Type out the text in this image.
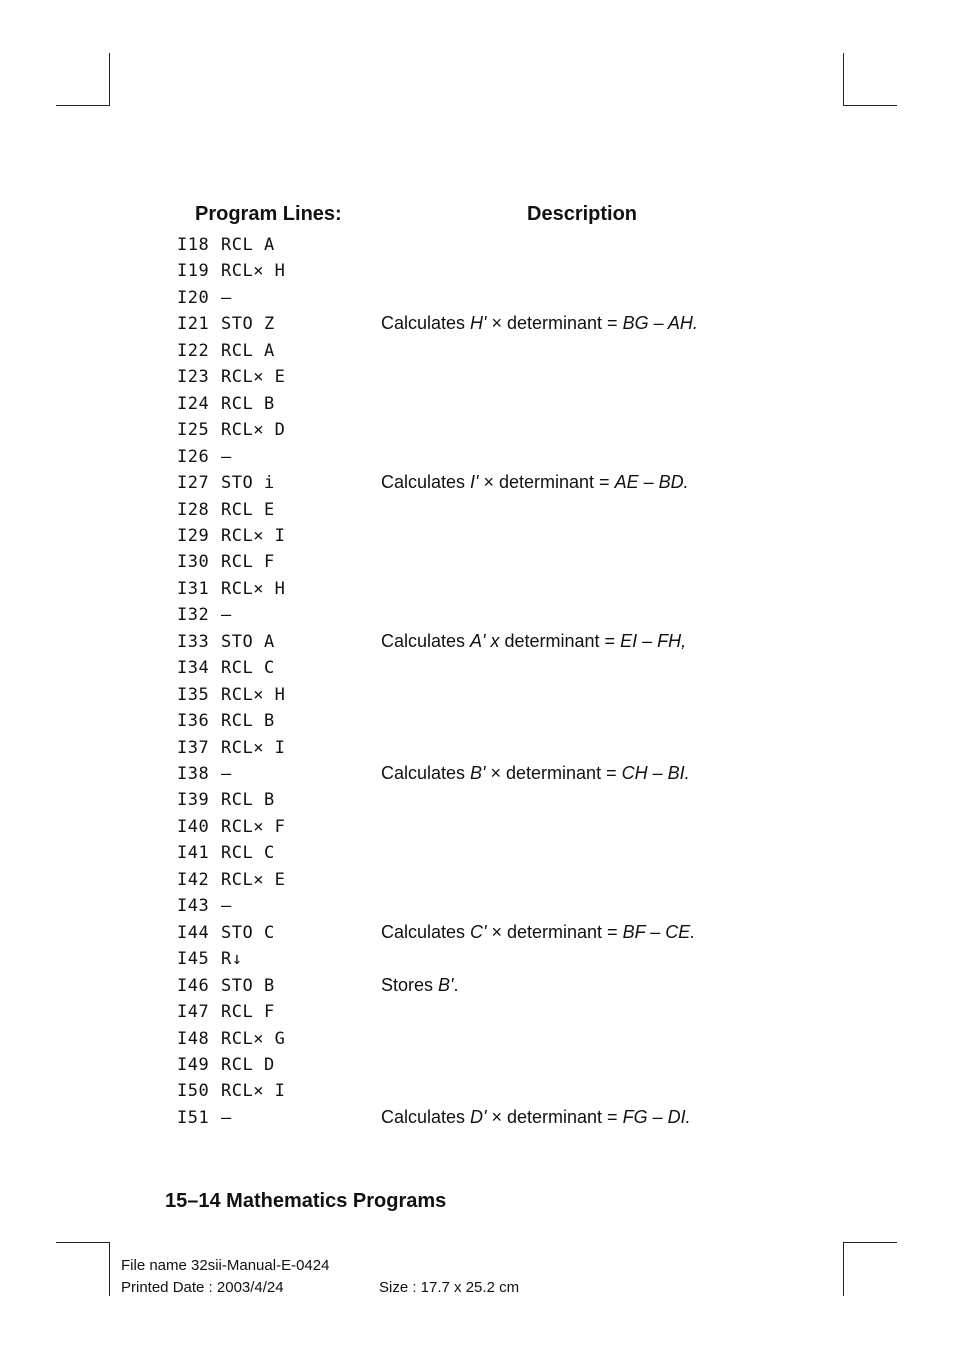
Program Lines:	Description
I18 RCL A
I19 RCL× H
I20 –
I21 STO Z	Calculates H' × determinant = BG – AH.
I22 RCL A
I23 RCL× E
I24 RCL B
I25 RCL× D
I26 –
I27 STO i	Calculates I' × determinant = AE – BD.
I28 RCL E
I29 RCL× I
I30 RCL F
I31 RCL× H
I32 –
I33 STO A	Calculates A' x determinant = EI – FH,
I34 RCL C
I35 RCL× H
I36 RCL B
I37 RCL× I
I38 –	Calculates B' × determinant = CH – BI.
I39 RCL B
I40 RCL× F
I41 RCL C
I42 RCL× E
I43 –
I44 STO C	Calculates C' × determinant = BF – CE.
I45 R↓
I46 STO B	Stores B'.
I47 RCL F
I48 RCL× G
I49 RCL D
I50 RCL× I
I51 –	Calculates D' × determinant = FG – DI.
15–14 Mathematics Programs
File name 32sii-Manual-E-0424
Printed Date : 2003/4/24	Size : 17.7 x 25.2 cm
